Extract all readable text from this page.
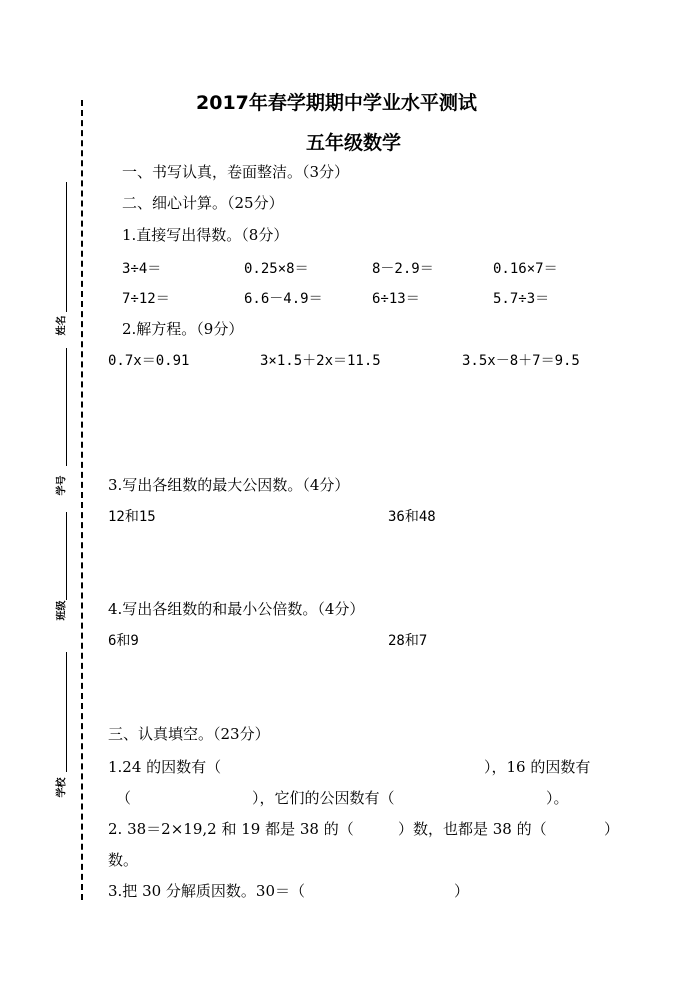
姓名
学号
班级
学校
2017年春学期期中学业水平测试
五年级数学
一、书写认真，卷面整洁。（3分）
二、细心计算。（25分）
1.直接写出得数。（8分）
3÷4＝	0.25×8＝	8－2.9＝	0.16×7＝
7÷12＝	6.6－4.9＝	6÷13＝	5.7÷3＝
2.解方程。（9分）
0.7x＝0.91	3×1.5＋2x＝11.5	3.5x－8＋7＝9.5
3.写出各组数的最大公因数。（4分）
12和15	36和48
4.写出各组数的和最小公倍数。（4分）
6和9	28和7
三、认真填空。（23分）
1.24 的因数有（	），16 的因数有
（	），它们的公因数有（	）。
2. 38＝2×19,2 和 19 都是 38 的（	）数，也都是 38 的（	）
数。
3.把 30 分解质因数。30＝（	）
